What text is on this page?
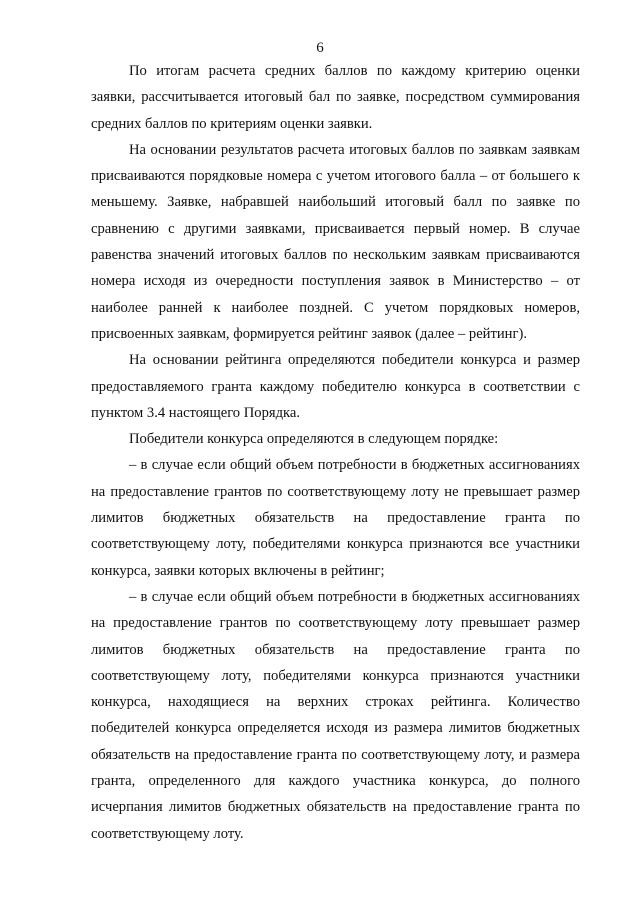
6

По итогам расчета средних баллов по каждому критерию оценки заявки, рассчитывается итоговый бал по заявке, посредством суммирования средних баллов по критериям оценки заявки.

На основании результатов расчета итоговых баллов по заявкам заявкам присваиваются порядковые номера с учетом итогового балла – от большего к меньшему. Заявке, набравшей наибольший итоговый балл по заявке по сравнению с другими заявками, присваивается первый номер. В случае равенства значений итоговых баллов по нескольким заявкам присваиваются номера исходя из очередности поступления заявок в Министерство – от наиболее ранней к наиболее поздней. С учетом порядковых номеров, присвоенных заявкам, формируется рейтинг заявок (далее – рейтинг).

На основании рейтинга определяются победители конкурса и размер предоставляемого гранта каждому победителю конкурса в соответствии с пунктом 3.4 настоящего Порядка.

Победители конкурса определяются в следующем порядке:

– в случае если общий объем потребности в бюджетных ассигнованиях на предоставление грантов по соответствующему лоту не превышает размер лимитов бюджетных обязательств на предоставление гранта по соответствующему лоту, победителями конкурса признаются все участники конкурса, заявки которых включены в рейтинг;

– в случае если общий объем потребности в бюджетных ассигнованиях на предоставление грантов по соответствующему лоту превышает размер лимитов бюджетных обязательств на предоставление гранта по соответствующему лоту, победителями конкурса признаются участники конкурса, находящиеся на верхних строках рейтинга. Количество победителей конкурса определяется исходя из размера лимитов бюджетных обязательств на предоставление гранта по соответствующему лоту, и размера гранта, определенного для каждого участника конкурса, до полного исчерпания лимитов бюджетных обязательств на предоставление гранта по соответствующему лоту.
